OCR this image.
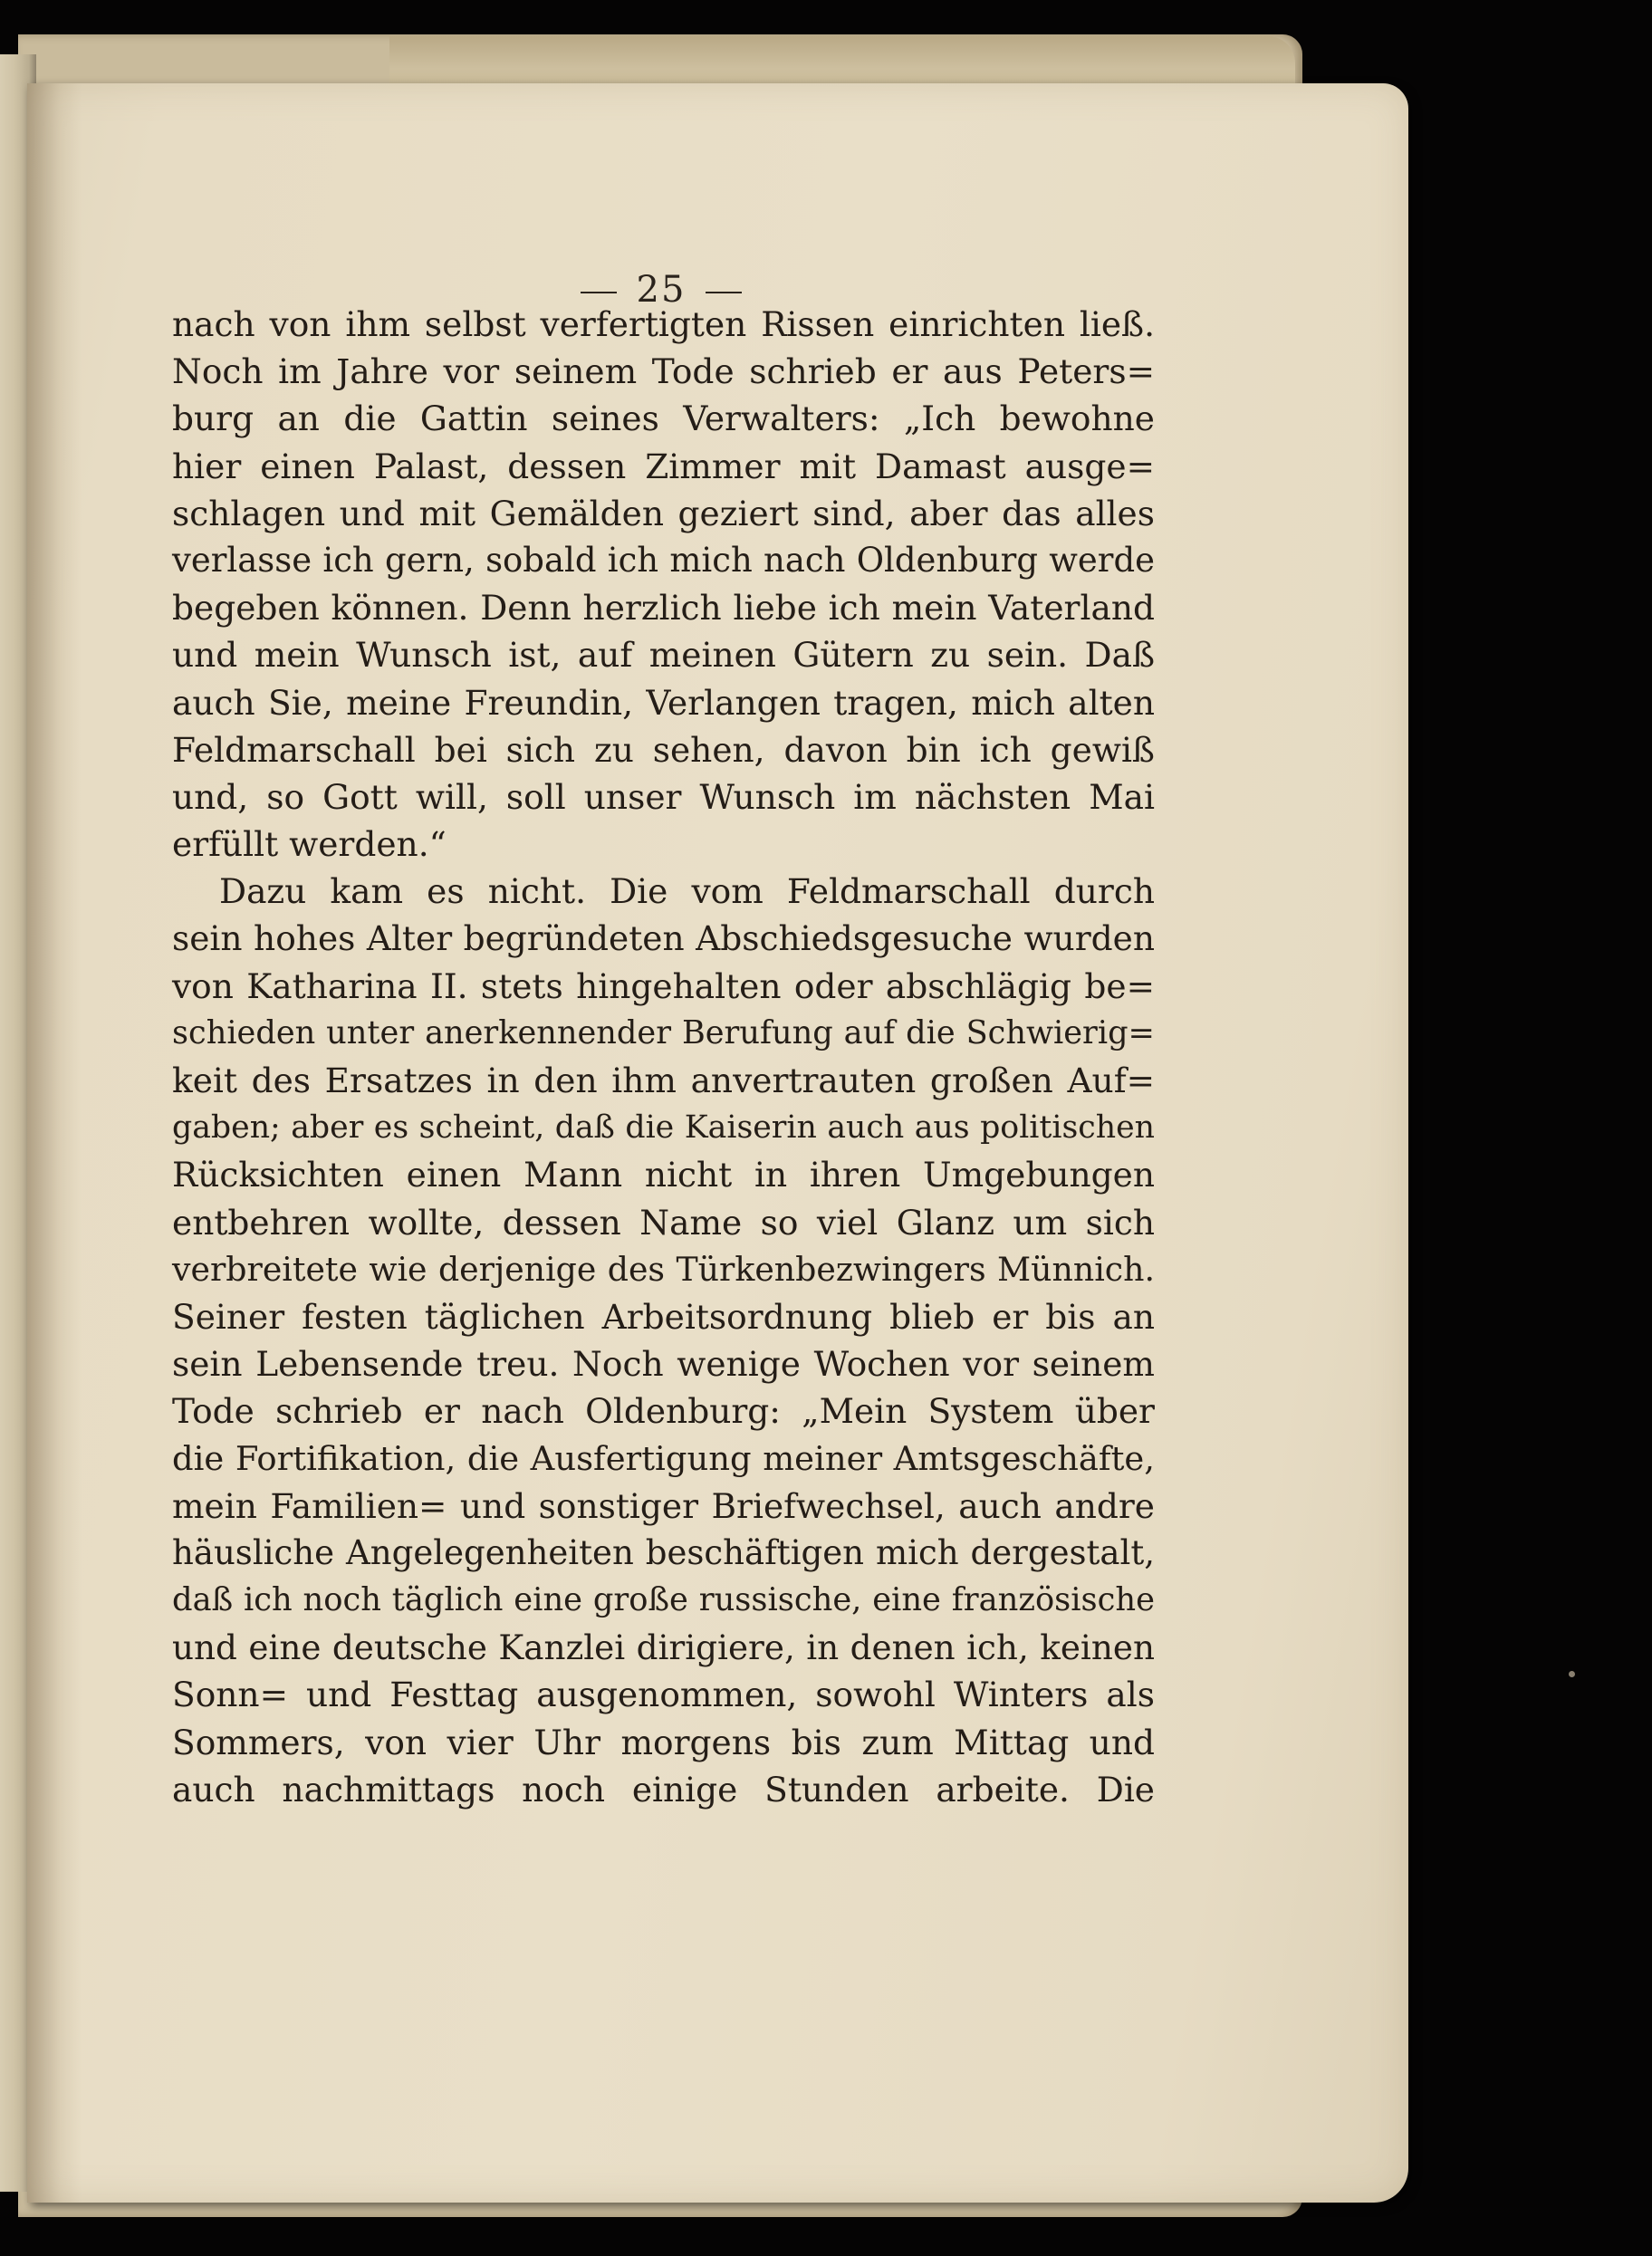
25
nach von ihm selbst verfertigten Rissen einrichten ließ.
Noch im Jahre vor seinem Tode schrieb er aus Peters=
burg an die Gattin seines Verwalters: „Ich bewohne
hier einen Palast, dessen Zimmer mit Damast ausge=
schlagen und mit Gemälden geziert sind, aber das alles
verlasse ich gern, sobald ich mich nach Oldenburg werde
begeben können. Denn herzlich liebe ich mein Vaterland
und mein Wunsch ist, auf meinen Gütern zu sein. Daß
auch Sie, meine Freundin, Verlangen tragen, mich alten
Feldmarschall bei sich zu sehen, davon bin ich gewiß
und, so Gott will, soll unser Wunsch im nächsten Mai
erfüllt werden.“
Dazu kam es nicht. Die vom Feldmarschall durch
sein hohes Alter begründeten Abschiedsgesuche wurden
von Katharina II. stets hingehalten oder abschlägig be=
schieden unter anerkennender Berufung auf die Schwierig=
keit des Ersatzes in den ihm anvertrauten großen Auf=
gaben; aber es scheint, daß die Kaiserin auch aus politischen
Rücksichten einen Mann nicht in ihren Umgebungen
entbehren wollte, dessen Name so viel Glanz um sich
verbreitete wie derjenige des Türkenbezwingers Münnich.
Seiner festen täglichen Arbeitsordnung blieb er bis an
sein Lebensende treu. Noch wenige Wochen vor seinem
Tode schrieb er nach Oldenburg: „Mein System über
die Fortifikation, die Ausfertigung meiner Amtsgeschäfte,
mein Familien= und sonstiger Briefwechsel, auch andre
häusliche Angelegenheiten beschäftigen mich dergestalt,
daß ich noch täglich eine große russische, eine französische
und eine deutsche Kanzlei dirigiere, in denen ich, keinen
Sonn= und Festtag ausgenommen, sowohl Winters als
Sommers, von vier Uhr morgens bis zum Mittag und
auch nachmittags noch einige Stunden arbeite. Die
